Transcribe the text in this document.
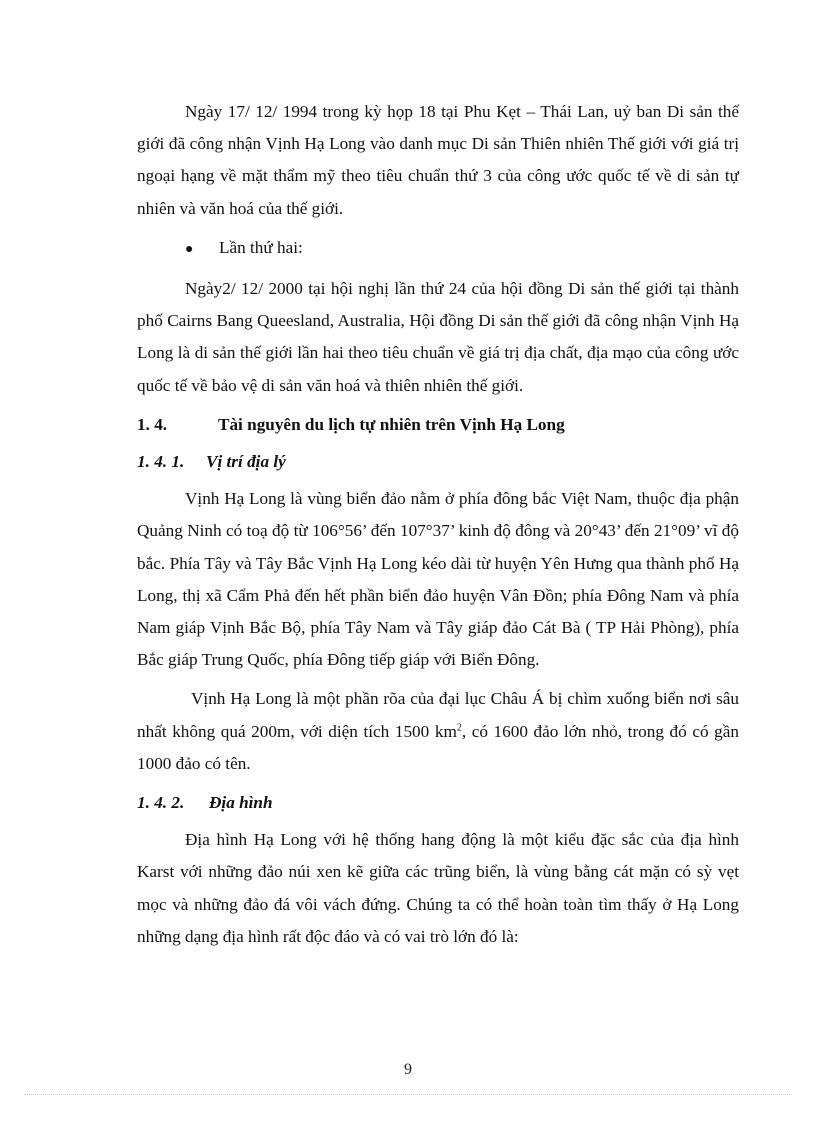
Ngày 17/ 12/ 1994 trong kỳ họp 18 tại Phu Kẹt – Thái Lan, uỷ ban Di sản thế giới đã công nhận Vịnh Hạ Long vào danh mục Di sản Thiên nhiên Thế giới với giá trị ngoại hạng về mặt thẩm mỹ theo tiêu chuẩn thứ 3 của công ước quốc tế về di sản tự nhiên và văn hoá của thế giới.

●	Lần thứ hai:

Ngày2/ 12/ 2000 tại hội nghị lần thứ 24 của hội đồng Di sản thế giới tại thành phố Cairns Bang Queesland, Australia, Hội đồng Di sản thế giới đã công nhận Vịnh Hạ Long là di sản thế giới lần hai theo tiêu chuẩn về giá trị địa chất, địa mạo của công ước quốc tế về bảo vệ di sản văn hoá và thiên nhiên thế giới.

1. 4.	Tài nguyên du lịch tự nhiên trên Vịnh Hạ Long
1. 4. 1. Vị trí địa lý

Vịnh Hạ Long là vùng biển đảo nằm ở phía đông bắc Việt Nam, thuộc địa phận Quảng Ninh có toạ độ từ 106°56’ đến 107°37’ kinh độ đông và 20°43’ đến 21°09’ vĩ độ bắc. Phía Tây và Tây Bắc Vịnh Hạ Long kéo dài từ huyện Yên Hưng qua thành phố Hạ Long, thị xã Cẩm Phả đến hết phần biển đảo huyện Vân Đồn; phía Đông Nam và phía Nam giáp Vịnh Bắc Bộ, phía Tây Nam và Tây giáp đảo Cát Bà ( TP Hải Phòng), phía Bắc giáp Trung Quốc, phía Đông tiếp giáp với Biển Đông.

Vịnh Hạ Long là một phần rõa của đại lục Châu Á bị chìm xuống biển nơi sâu nhất không quá 200m, với diện tích 1500 $km^2$, có 1600 đảo lớn nhỏ, trong đó có gần 1000 đảo có tên.

1. 4. 2. Địa hình

Địa hình Hạ Long với hệ thống hang động là một kiểu đặc sắc của địa hình Karst với những đảo núi xen kẽ giữa các trũng biển, là vùng bằng cát mặn có sỳ vẹt mọc và những đảo đá vôi vách đứng. Chúng ta có thể hoàn toàn tìm thấy ở Hạ Long những dạng địa hình rất độc đáo và có vai trò lớn đó là:

9
